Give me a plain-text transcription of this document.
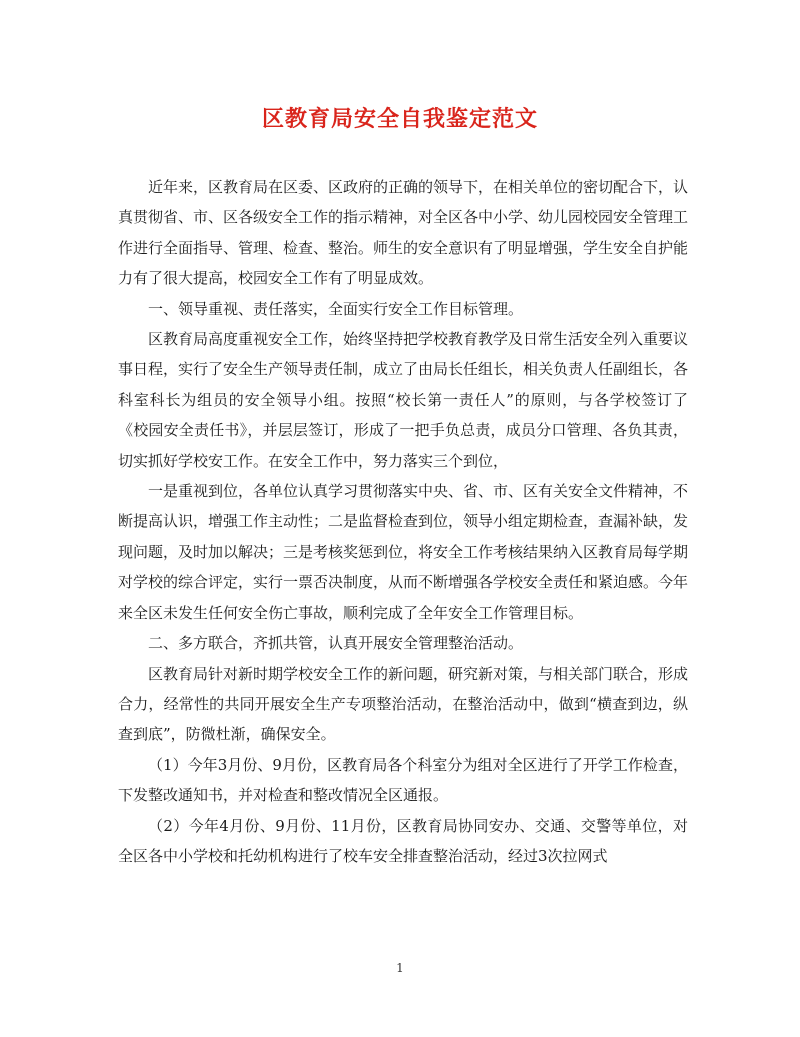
区教育局安全自我鉴定范文

近年来，区教育局在区委、区政府的正确的领导下，在相关单位的密切配合下，认真贯彻省、市、区各级安全工作的指示精神，对全区各中小学、幼儿园校园安全管理工作进行全面指导、管理、检查、整治。师生的安全意识有了明显增强，学生安全自护能力有了很大提高，校园安全工作有了明显成效。

一、领导重视、责任落实，全面实行安全工作目标管理。

区教育局高度重视安全工作，始终坚持把学校教育教学及日常生活安全列入重要议事日程，实行了安全生产领导责任制，成立了由局长任组长，相关负责人任副组长，各科室科长为组员的安全领导小组。按照“校长第一责任人”的原则，与各学校签订了《校园安全责任书》，并层层签订，形成了一把手负总责，成员分口管理、各负其责，切实抓好学校安工作。在安全工作中，努力落实三个到位，

一是重视到位，各单位认真学习贯彻落实中央、省、市、区有关安全文件精神，不断提高认识，增强工作主动性；二是监督检查到位，领导小组定期检查，查漏补缺，发现问题，及时加以解决；三是考核奖惩到位，将安全工作考核结果纳入区教育局每学期对学校的综合评定，实行一票否决制度，从而不断增强各学校安全责任和紧迫感。今年来全区未发生任何安全伤亡事故，顺利完成了全年安全工作管理目标。

二、多方联合，齐抓共管，认真开展安全管理整治活动。

区教育局针对新时期学校安全工作的新问题，研究新对策，与相关部门联合，形成合力，经常性的共同开展安全生产专项整治活动，在整治活动中，做到“横查到边，纵查到底”，防微杜渐，确保安全。

（1）今年3月份、9月份，区教育局各个科室分为组对全区进行了开学工作检查，下发整改通知书，并对检查和整改情况全区通报。

（2）今年4月份、9月份、11月份，区教育局协同安办、交通、交警等单位，对全区各中小学校和托幼机构进行了校车安全排查整治活动，经过3次拉网式

1
